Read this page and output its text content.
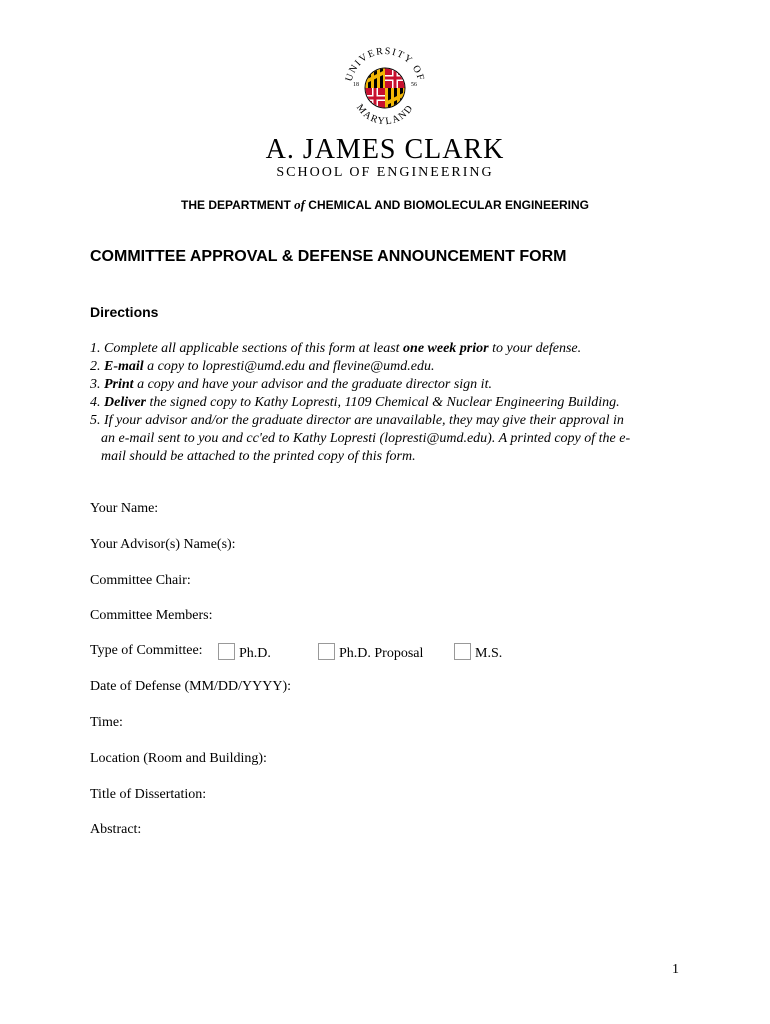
UNIVERSITY OF
MARYLAND
18	56
A. JAMES CLARK
SCHOOL OF ENGINEERING
THE DEPARTMENT of CHEMICAL AND BIOMOLECULAR ENGINEERING
COMMITTEE APPROVAL & DEFENSE ANNOUNCEMENT FORM
Directions
1. Complete all applicable sections of this form at least one week prior to your defense.
2. E-mail a copy to lopresti@umd.edu and flevine@umd.edu.
3. Print a copy and have your advisor and the graduate director sign it.
4. Deliver the signed copy to Kathy Lopresti, 1109 Chemical & Nuclear Engineering Building.
5. If your advisor and/or the graduate director are unavailable, they may give their approval in
an e-mail sent to you and cc'ed to Kathy Lopresti (lopresti@umd.edu). A printed copy of the e-
mail should be attached to the printed copy of this form.
Your Name:
Your Advisor(s) Name(s):
Committee Chair:
Committee Members:
Type of Committee:	Ph.D.	Ph.D. Proposal	M.S.
Date of Defense (MM/DD/YYYY):
Time:
Location (Room and Building):
Title of Dissertation:
Abstract:
1
